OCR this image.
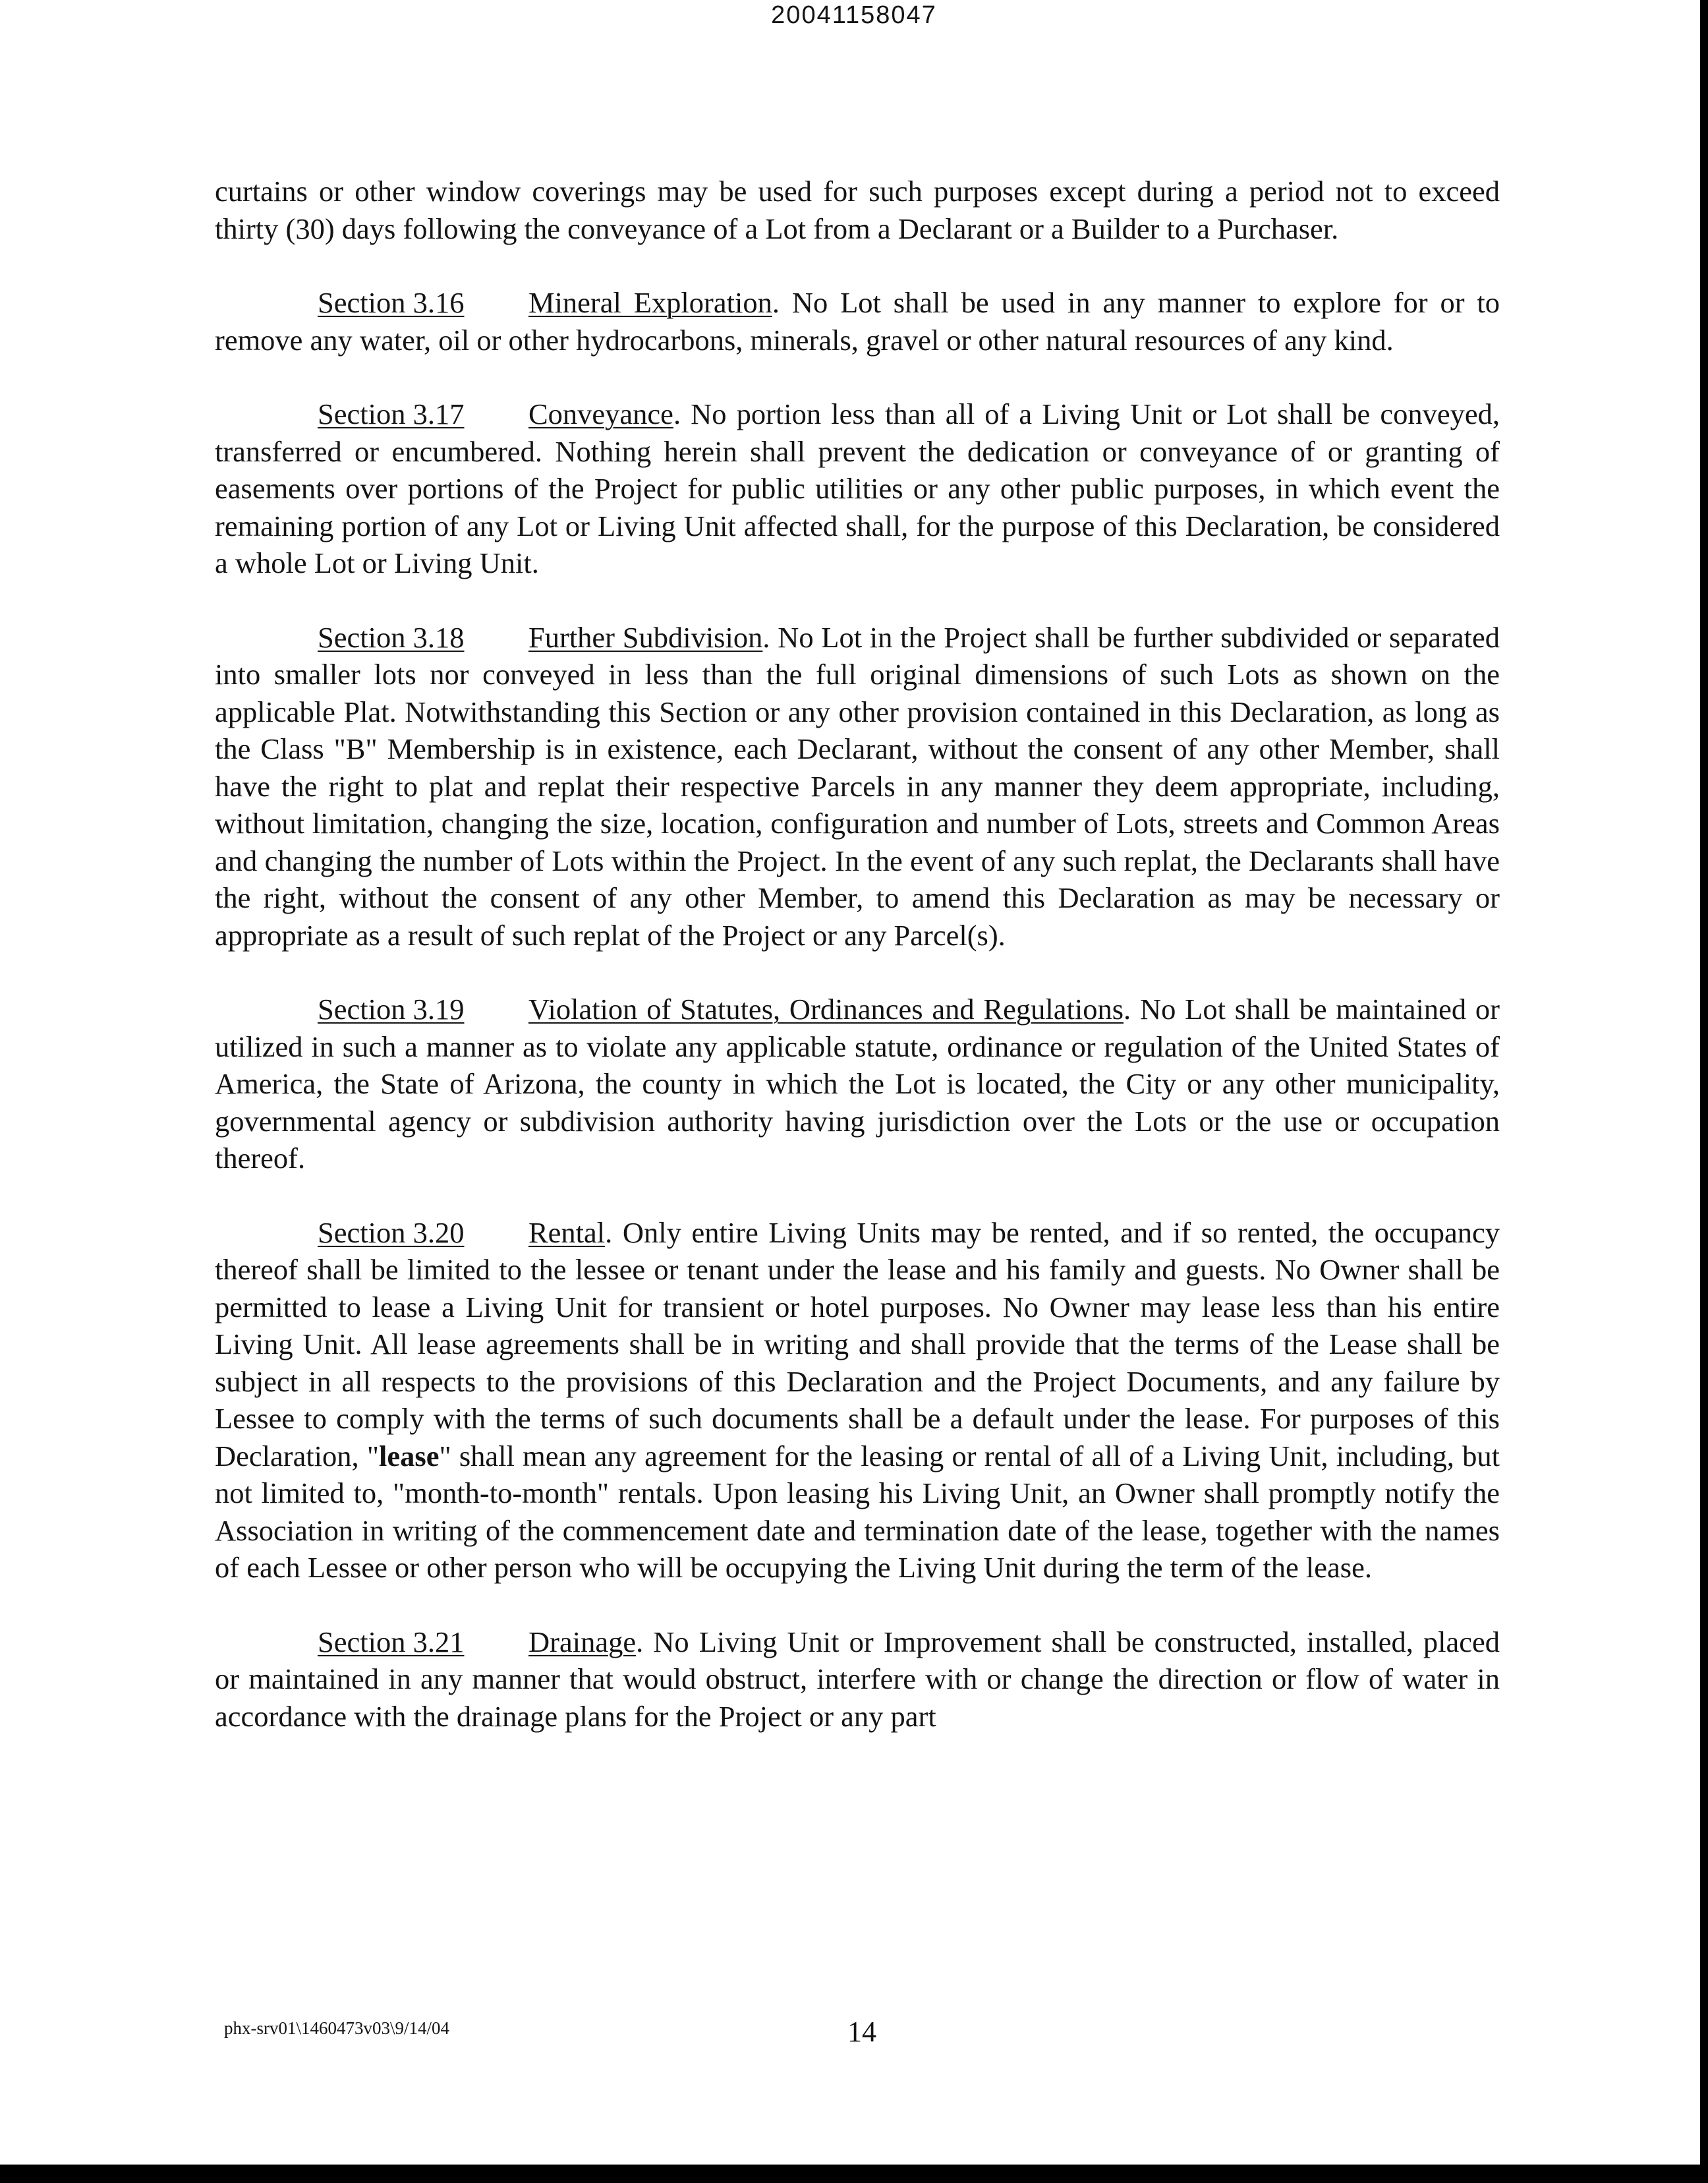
20041158047

curtains or other window coverings may be used for such purposes except during a period not to exceed thirty (30) days following the conveyance of a Lot from a Declarant or a Builder to a Purchaser.

Section 3.16 Mineral Exploration. No Lot shall be used in any manner to explore for or to remove any water, oil or other hydrocarbons, minerals, gravel or other natural resources of any kind.

Section 3.17 Conveyance. No portion less than all of a Living Unit or Lot shall be conveyed, transferred or encumbered. Nothing herein shall prevent the dedication or conveyance of or granting of easements over portions of the Project for public utilities or any other public purposes, in which event the remaining portion of any Lot or Living Unit affected shall, for the purpose of this Declaration, be considered a whole Lot or Living Unit.

Section 3.18 Further Subdivision. No Lot in the Project shall be further subdivided or separated into smaller lots nor conveyed in less than the full original dimensions of such Lots as shown on the applicable Plat. Notwithstanding this Section or any other provision contained in this Declaration, as long as the Class "B" Membership is in existence, each Declarant, without the consent of any other Member, shall have the right to plat and replat their respective Parcels in any manner they deem appropriate, including, without limitation, changing the size, location, configuration and number of Lots, streets and Common Areas and changing the number of Lots within the Project. In the event of any such replat, the Declarants shall have the right, without the consent of any other Member, to amend this Declaration as may be necessary or appropriate as a result of such replat of the Project or any Parcel(s).

Section 3.19 Violation of Statutes, Ordinances and Regulations. No Lot shall be maintained or utilized in such a manner as to violate any applicable statute, ordinance or regulation of the United States of America, the State of Arizona, the county in which the Lot is located, the City or any other municipality, governmental agency or subdivision authority having jurisdiction over the Lots or the use or occupation thereof.

Section 3.20 Rental. Only entire Living Units may be rented, and if so rented, the occupancy thereof shall be limited to the lessee or tenant under the lease and his family and guests. No Owner shall be permitted to lease a Living Unit for transient or hotel purposes. No Owner may lease less than his entire Living Unit. All lease agreements shall be in writing and shall provide that the terms of the Lease shall be subject in all respects to the provisions of this Declaration and the Project Documents, and any failure by Lessee to comply with the terms of such documents shall be a default under the lease. For purposes of this Declaration, "lease" shall mean any agreement for the leasing or rental of all of a Living Unit, including, but not limited to, "month-to-month" rentals. Upon leasing his Living Unit, an Owner shall promptly notify the Association in writing of the commencement date and termination date of the lease, together with the names of each Lessee or other person who will be occupying the Living Unit during the term of the lease.

Section 3.21 Drainage. No Living Unit or Improvement shall be constructed, installed, placed or maintained in any manner that would obstruct, interfere with or change the direction or flow of water in accordance with the drainage plans for the Project or any part

phx-srv01\1460473v03\9/14/04	14
